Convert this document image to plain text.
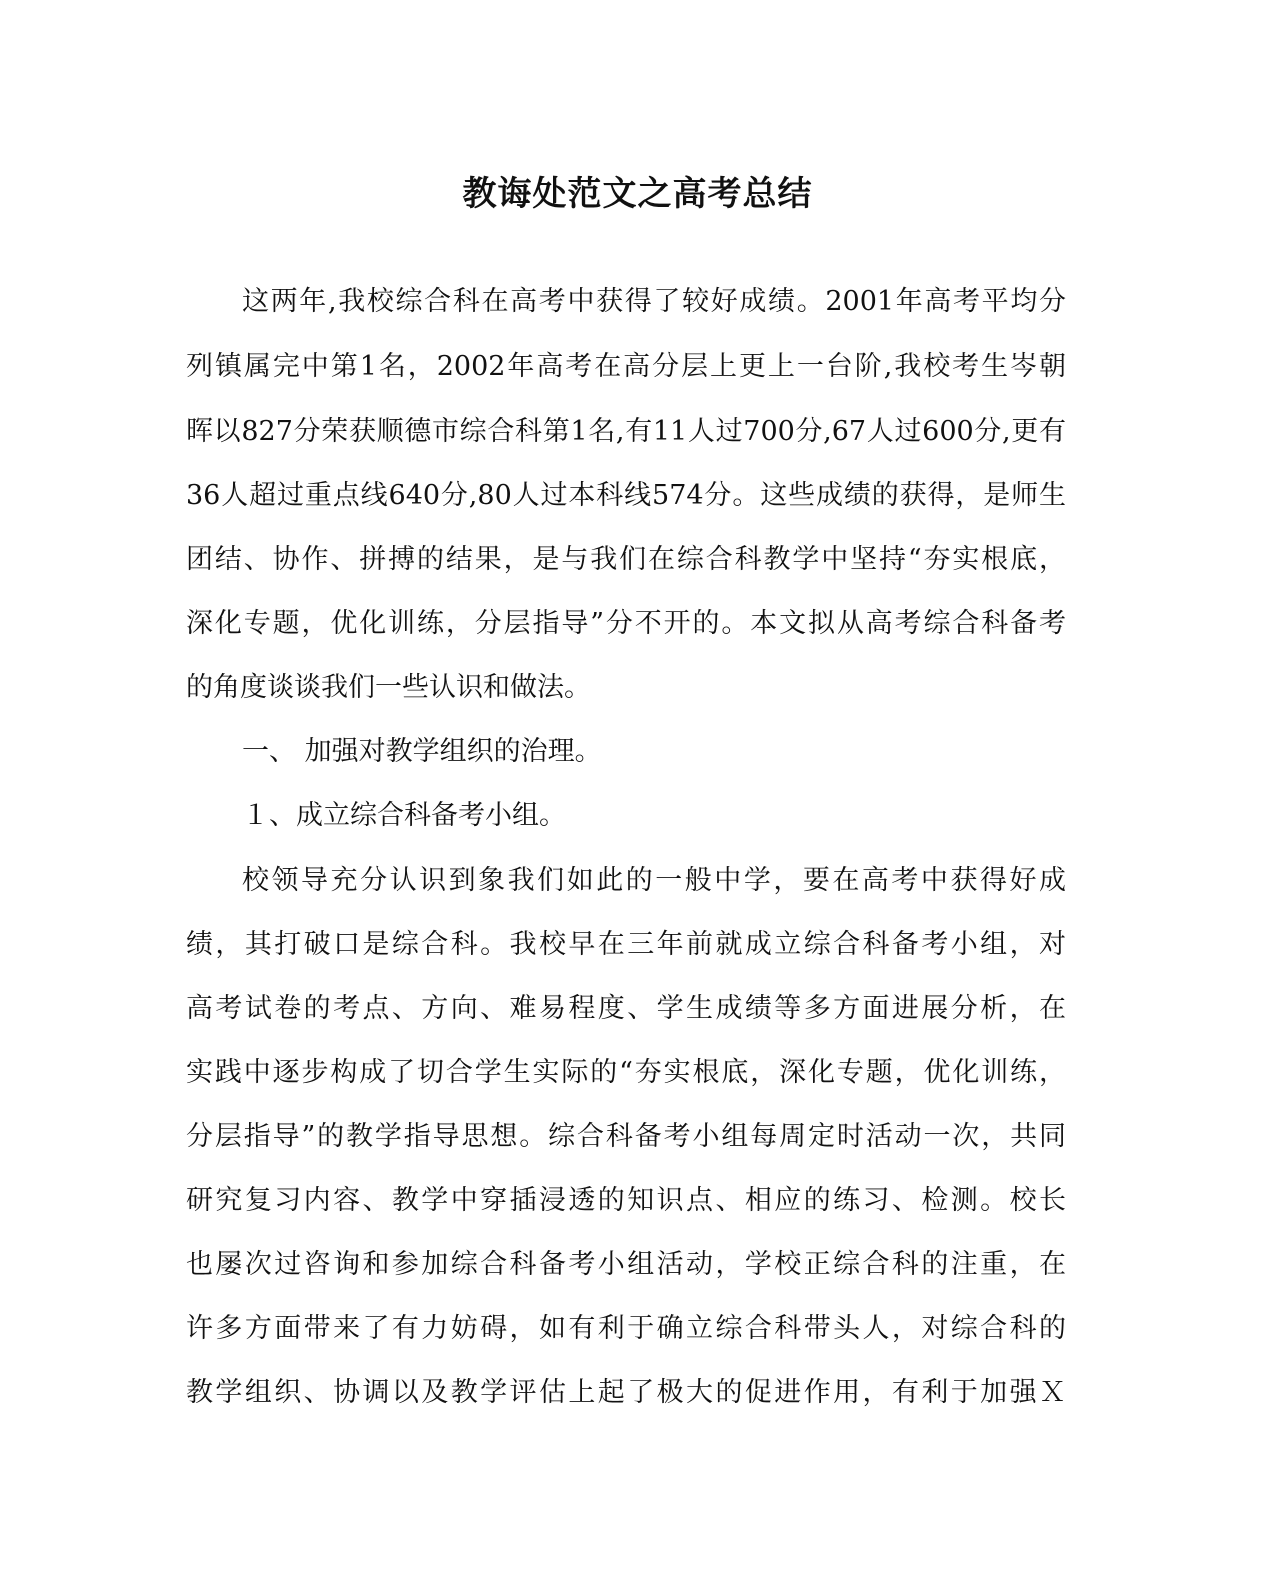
教诲处范文之高考总结
这两年,我校综合科在高考中获得了较好成绩。2001年高考平均分
列镇属完中第1名，2002年高考在高分层上更上一台阶,我校考生岑朝
晖以827分荣获顺德市综合科第1名,有11人过700分,67人过600分,更有
36人超过重点线640分,80人过本科线574分。这些成绩的获得，是师生
团结、协作、拼搏的结果，是与我们在综合科教学中坚持“夯实根底，
深化专题，优化训练，分层指导”分不开的。本文拟从高考综合科备考
的角度谈谈我们一些认识和做法。
一、 加强对教学组织的治理。
１、成立综合科备考小组。
校领导充分认识到象我们如此的一般中学，要在高考中获得好成
绩，其打破口是综合科。我校早在三年前就成立综合科备考小组，对
高考试卷的考点、方向、难易程度、学生成绩等多方面进展分析，在
实践中逐步构成了切合学生实际的“夯实根底，深化专题，优化训练，
分层指导”的教学指导思想。综合科备考小组每周定时活动一次，共同
研究复习内容、教学中穿插浸透的知识点、相应的练习、检测。校长
也屡次过咨询和参加综合科备考小组活动，学校正综合科的注重，在
许多方面带来了有力妨碍，如有利于确立综合科带头人，对综合科的
教学组织、协调以及教学评估上起了极大的促进作用，有利于加强Ｘ
